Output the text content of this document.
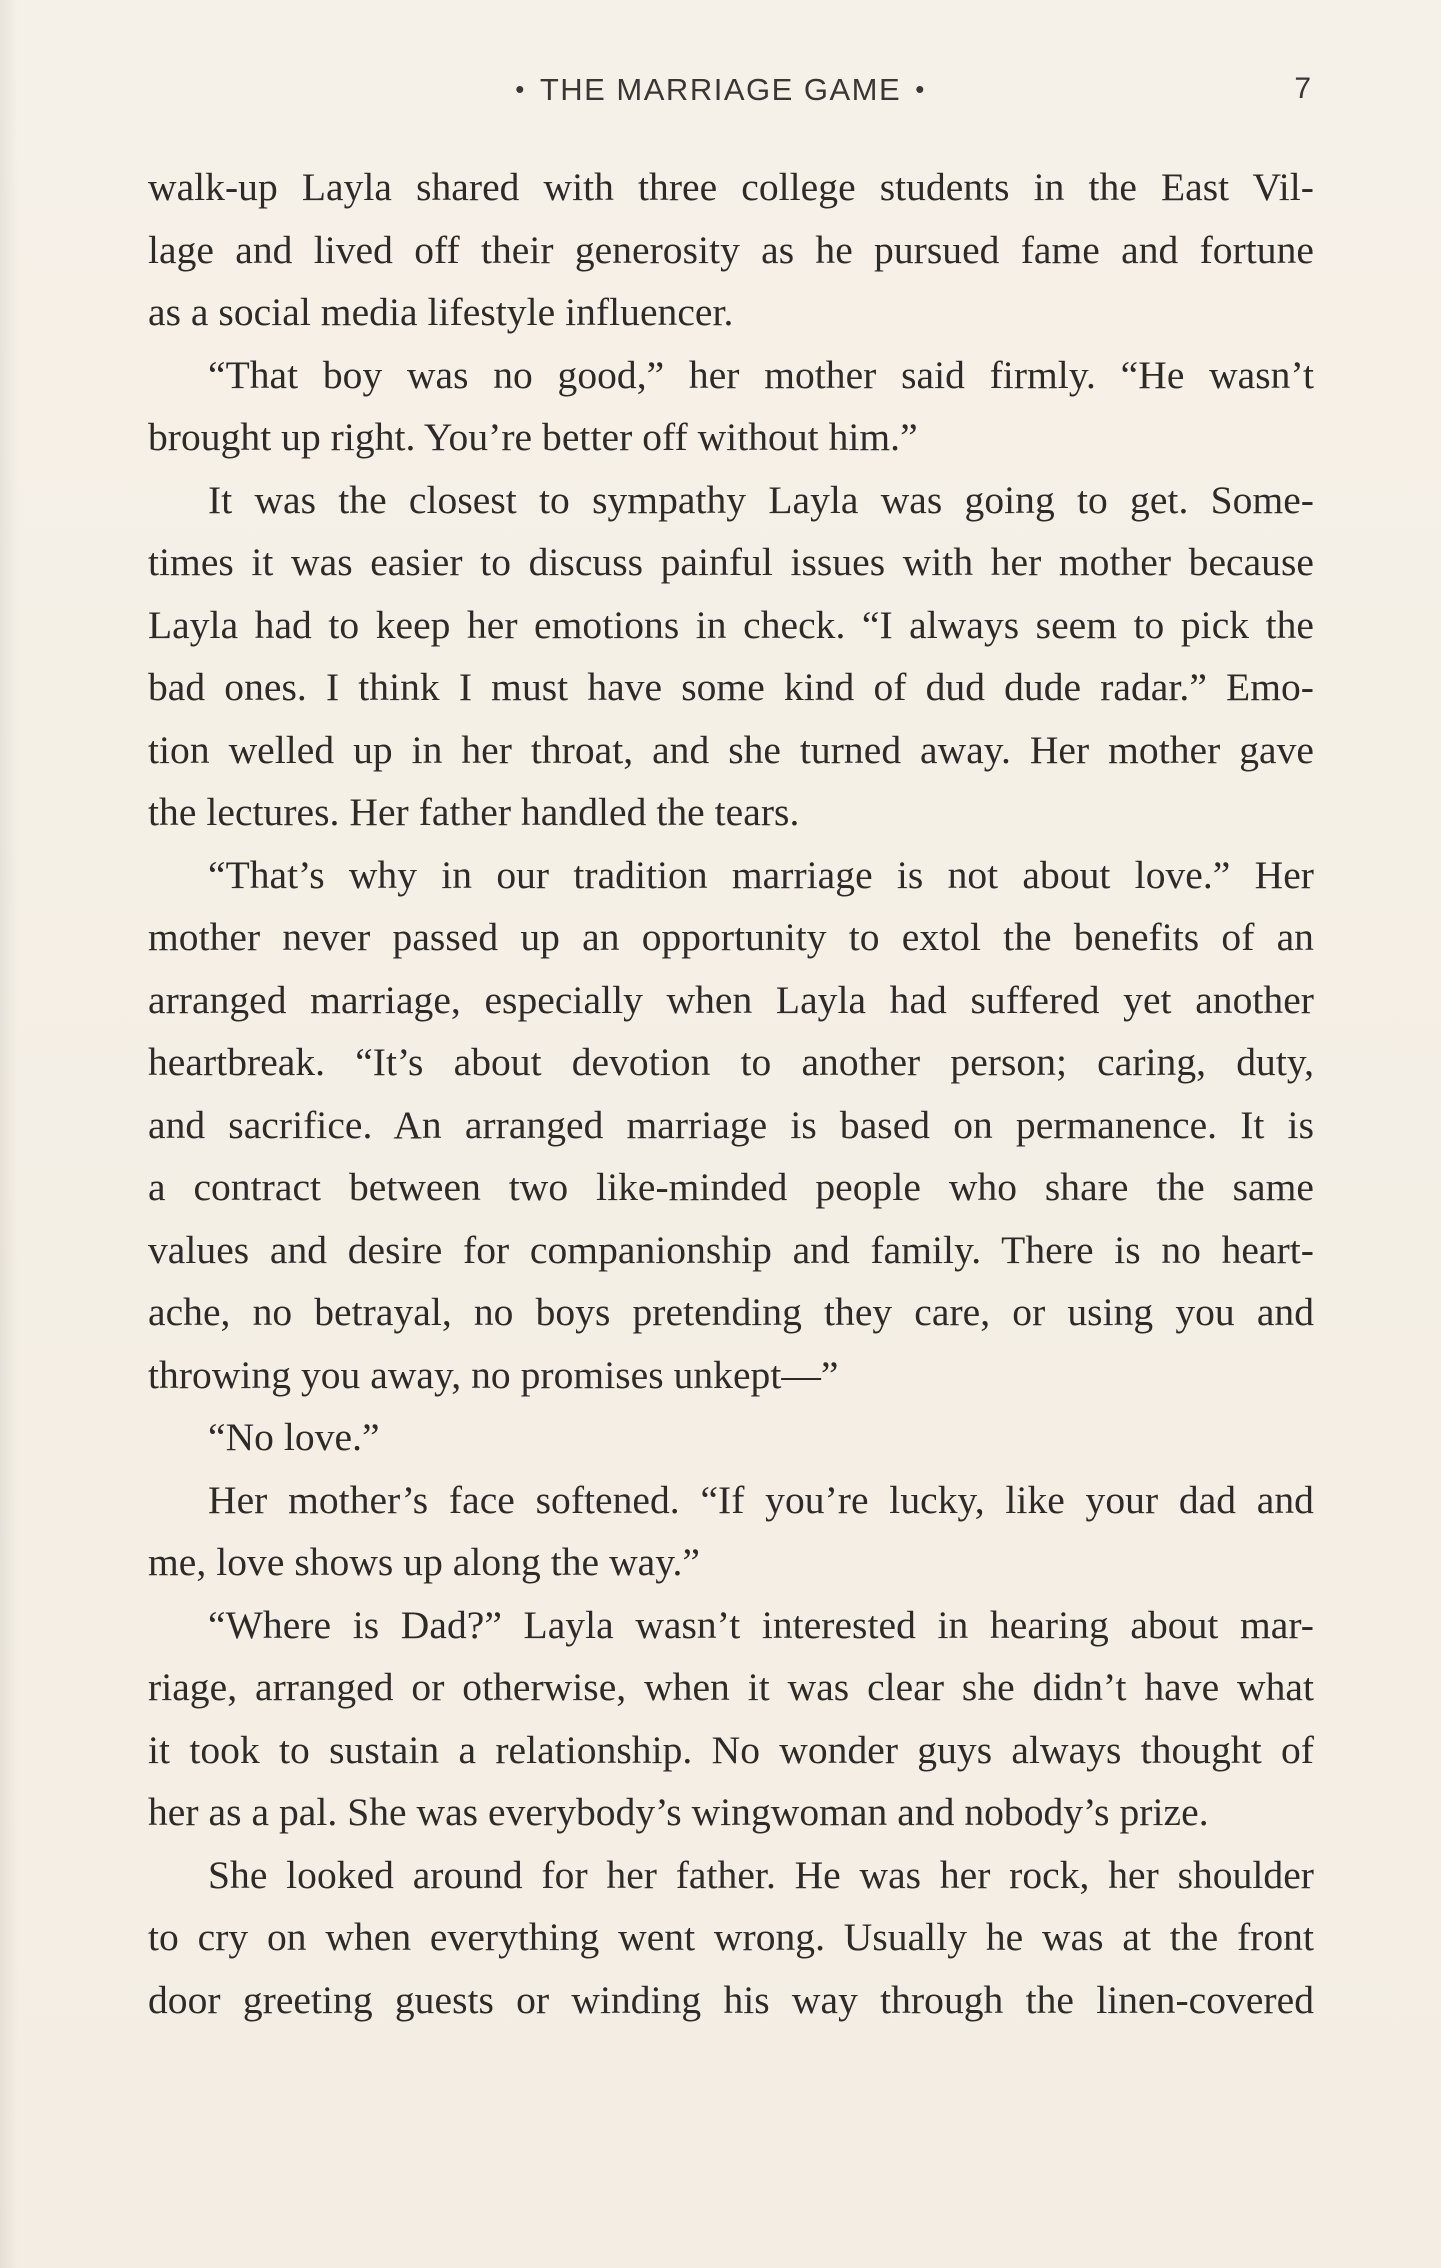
• THE MARRIAGE GAME •	7
walk-up Layla shared with three college students in the East Vil-
lage and lived off their generosity as he pursued fame and fortune
as a social media lifestyle influencer.
“That boy was no good,” her mother said firmly. “He wasn’t
brought up right. You’re better off without him.”
It was the closest to sympathy Layla was going to get. Some-
times it was easier to discuss painful issues with her mother because
Layla had to keep her emotions in check. “I always seem to pick the
bad ones. I think I must have some kind of dud dude radar.” Emo-
tion welled up in her throat, and she turned away. Her mother gave
the lectures. Her father handled the tears.
“That’s why in our tradition marriage is not about love.” Her
mother never passed up an opportunity to extol the benefits of an
arranged marriage, especially when Layla had suffered yet another
heartbreak. “It’s about devotion to another person; caring, duty,
and sacrifice. An arranged marriage is based on permanence. It is
a contract between two like-minded people who share the same
values and desire for companionship and family. There is no heart-
ache, no betrayal, no boys pretending they care, or using you and
throwing you away, no promises unkept—”
“No love.”
Her mother’s face softened. “If you’re lucky, like your dad and
me, love shows up along the way.”
“Where is Dad?” Layla wasn’t interested in hearing about mar-
riage, arranged or otherwise, when it was clear she didn’t have what
it took to sustain a relationship. No wonder guys always thought of
her as a pal. She was everybody’s wingwoman and nobody’s prize.
She looked around for her father. He was her rock, her shoulder
to cry on when everything went wrong. Usually he was at the front
door greeting guests or winding his way through the linen-covered
